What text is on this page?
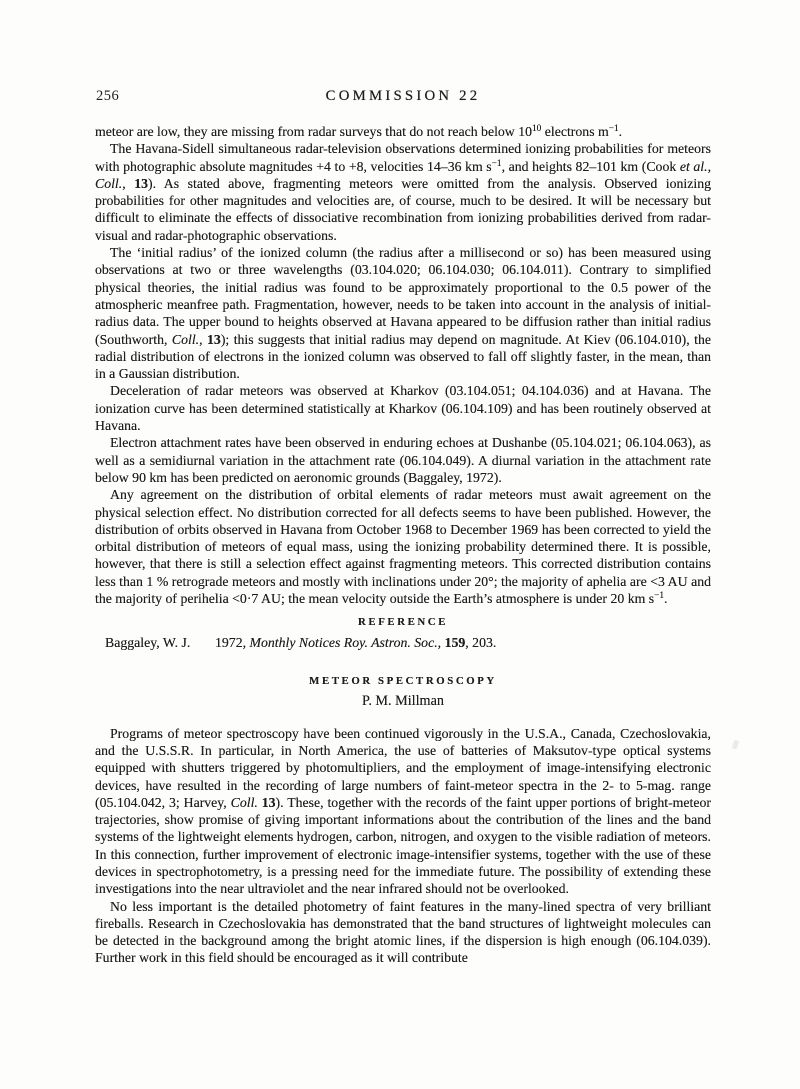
256	COMMISSION 22

meteor are low, they are missing from radar surveys that do not reach below $10^{10}$ electrons $m^{-1}$.

The Havana-Sidell simultaneous radar-television observations determined ionizing probabilities for meteors with photographic absolute magnitudes +4 to +8, velocities 14–36 km $s^{-1}$, and heights 82–101 km (Cook et al., Coll., 13). As stated above, fragmenting meteors were omitted from the analysis. Observed ionizing probabilities for other magnitudes and velocities are, of course, much to be desired. It will be necessary but difficult to eliminate the effects of dissociative recombination from ionizing probabilities derived from radar-visual and radar-photographic observations.

The ‘initial radius’ of the ionized column (the radius after a millisecond or so) has been measured using observations at two or three wavelengths (03.104.020; 06.104.030; 06.104.011). Contrary to simplified physical theories, the initial radius was found to be approximately proportional to the 0.5 power of the atmospheric meanfree path. Fragmentation, however, needs to be taken into account in the analysis of initial-radius data. The upper bound to heights observed at Havana appeared to be diffusion rather than initial radius (Southworth, Coll., 13); this suggests that initial radius may depend on magnitude. At Kiev (06.104.010), the radial distribution of electrons in the ionized column was observed to fall off slightly faster, in the mean, than in a Gaussian distribution.

Deceleration of radar meteors was observed at Kharkov (03.104.051; 04.104.036) and at Havana. The ionization curve has been determined statistically at Kharkov (06.104.109) and has been routinely observed at Havana.

Electron attachment rates have been observed in enduring echoes at Dushanbe (05.104.021; 06.104.063), as well as a semidiurnal variation in the attachment rate (06.104.049). A diurnal variation in the attachment rate below 90 km has been predicted on aeronomic grounds (Baggaley, 1972).

Any agreement on the distribution of orbital elements of radar meteors must await agreement on the physical selection effect. No distribution corrected for all defects seems to have been published. However, the distribution of orbits observed in Havana from October 1968 to December 1969 has been corrected to yield the orbital distribution of meteors of equal mass, using the ionizing probability determined there. It is possible, however, that there is still a selection effect against fragmenting meteors. This corrected distribution contains less than 1 % retrograde meteors and mostly with inclinations under 20°; the majority of aphelia are <3 AU and the majority of perihelia <0·7 AU; the mean velocity outside the Earth’s atmosphere is under 20 km $s^{-1}$.

REFERENCE
Baggaley, W. J.	1972, Monthly Notices Roy. Astron. Soc., 159, 203.
METEOR SPECTROSCOPY
P. M. Millman

Programs of meteor spectroscopy have been continued vigorously in the U.S.A., Canada, Czechoslovakia, and the U.S.S.R. In particular, in North America, the use of batteries of Maksutov-type optical systems equipped with shutters triggered by photomultipliers, and the employment of image-intensifying electronic devices, have resulted in the recording of large numbers of faint-meteor spectra in the 2- to 5-mag. range (05.104.042, 3; Harvey, Coll. 13). These, together with the records of the faint upper portions of bright-meteor trajectories, show promise of giving important informations about the contribution of the lines and the band systems of the lightweight elements hydrogen, carbon, nitrogen, and oxygen to the visible radiation of meteors. In this connection, further improvement of electronic image-intensifier systems, together with the use of these devices in spectrophotometry, is a pressing need for the immediate future. The possibility of extending these investigations into the near ultraviolet and the near infrared should not be overlooked.

No less important is the detailed photometry of faint features in the many-lined spectra of very brilliant fireballs. Research in Czechoslovakia has demonstrated that the band structures of lightweight molecules can be detected in the background among the bright atomic lines, if the dispersion is high enough (06.104.039). Further work in this field should be encouraged as it will contribute
